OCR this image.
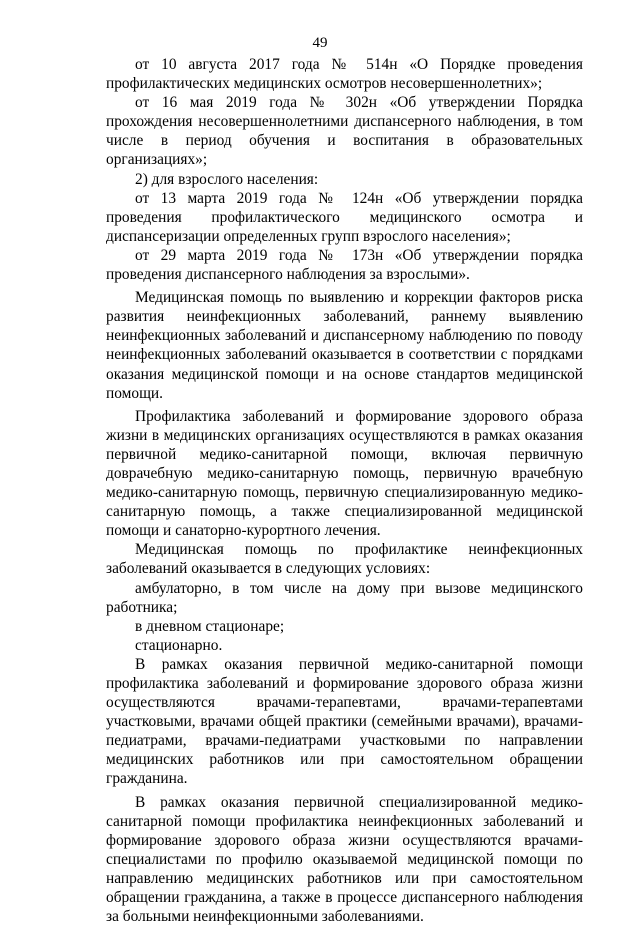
49

от 10 августа 2017 года № 514н «О Порядке проведения профилактических медицинских осмотров несовершеннолетних»;

от 16 мая 2019 года № 302н «Об утверждении Порядка прохождения несовершеннолетними диспансерного наблюдения, в том числе в период обучения и воспитания в образовательных организациях»;

2) для взрослого населения:

от 13 марта 2019 года № 124н «Об утверждении порядка проведения профилактического медицинского осмотра и диспансеризации определенных групп взрослого населения»;

от 29 марта 2019 года № 173н «Об утверждении порядка проведения диспансерного наблюдения за взрослыми».

Медицинская помощь по выявлению и коррекции факторов риска развития неинфекционных заболеваний, раннему выявлению неинфекционных заболеваний и диспансерному наблюдению по поводу неинфекционных заболеваний оказывается в соответствии с порядками оказания медицинской помощи и на основе стандартов медицинской помощи.

Профилактика заболеваний и формирование здорового образа жизни в медицинских организациях осуществляются в рамках оказания первичной медико-санитарной помощи, включая первичную доврачебную медико-санитарную помощь, первичную врачебную медико-санитарную помощь, первичную специализированную медико-санитарную помощь, а также специализированной медицинской помощи и санаторно-курортного лечения.

Медицинская помощь по профилактике неинфекционных заболеваний оказывается в следующих условиях:

амбулаторно, в том числе на дому при вызове медицинского работника;

в дневном стационаре;

стационарно.

В рамках оказания первичной медико-санитарной помощи профилактика заболеваний и формирование здорового образа жизни осуществляются врачами-терапевтами, врачами-терапевтами участковыми, врачами общей практики (семейными врачами), врачами-педиатрами, врачами-педиатрами участковыми по направлении медицинских работников или при самостоятельном обращении гражданина.

В рамках оказания первичной специализированной медико-санитарной помощи профилактика неинфекционных заболеваний и формирование здорового образа жизни осуществляются врачами-специалистами по профилю оказываемой медицинской помощи по направлению медицинских работников или при самостоятельном обращении гражданина, а также в процессе диспансерного наблюдения за больными неинфекционными заболеваниями.
